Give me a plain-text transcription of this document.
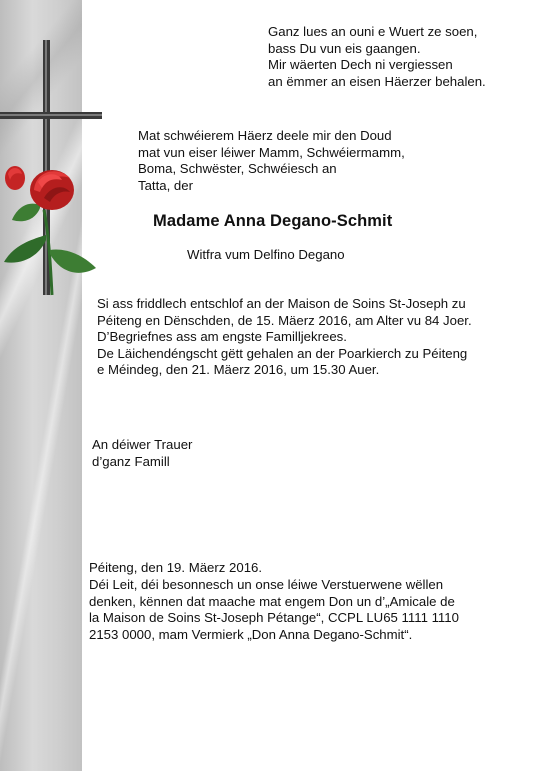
Ganz lues an ouni e Wuert ze soen,
bass Du vun eis gaangen.
Mir wäerten Dech ni vergiessen
an ëmmer an eisen Häerzer behalen.

Mat schwéierem Häerz deele mir den Doud
mat vun eiser léiwer Mamm, Schwéiermamm,
Boma, Schwëster, Schwéiesch an
Tatta, der

Madame Anna Degano-Schmit

Witfra vum Delfino Degano

Si ass friddlech entschlof an der Maison de Soins St-Joseph zu
Péiteng en Dënschden, de 15. Mäerz 2016, am Alter vu 84 Joer.
D’Begriefnes ass am engste Familljekrees.
De Läichendéngscht gëtt gehalen an der Poarkierch zu Péiteng
e Méindeg, den 21. Mäerz 2016, um 15.30 Auer.

An déiwer Trauer
d’ganz Famill

Péiteng, den 19. Mäerz 2016.

Déi Leit, déi besonnesch un onse léiwe Verstuerwene wëllen
denken, kënnen dat maache mat engem Don un d’„Amicale de
la Maison de Soins St-Joseph Pétange“, CCPL LU65 1111 1110
2153 0000, mam Vermierk „Don Anna Degano-Schmit“.
